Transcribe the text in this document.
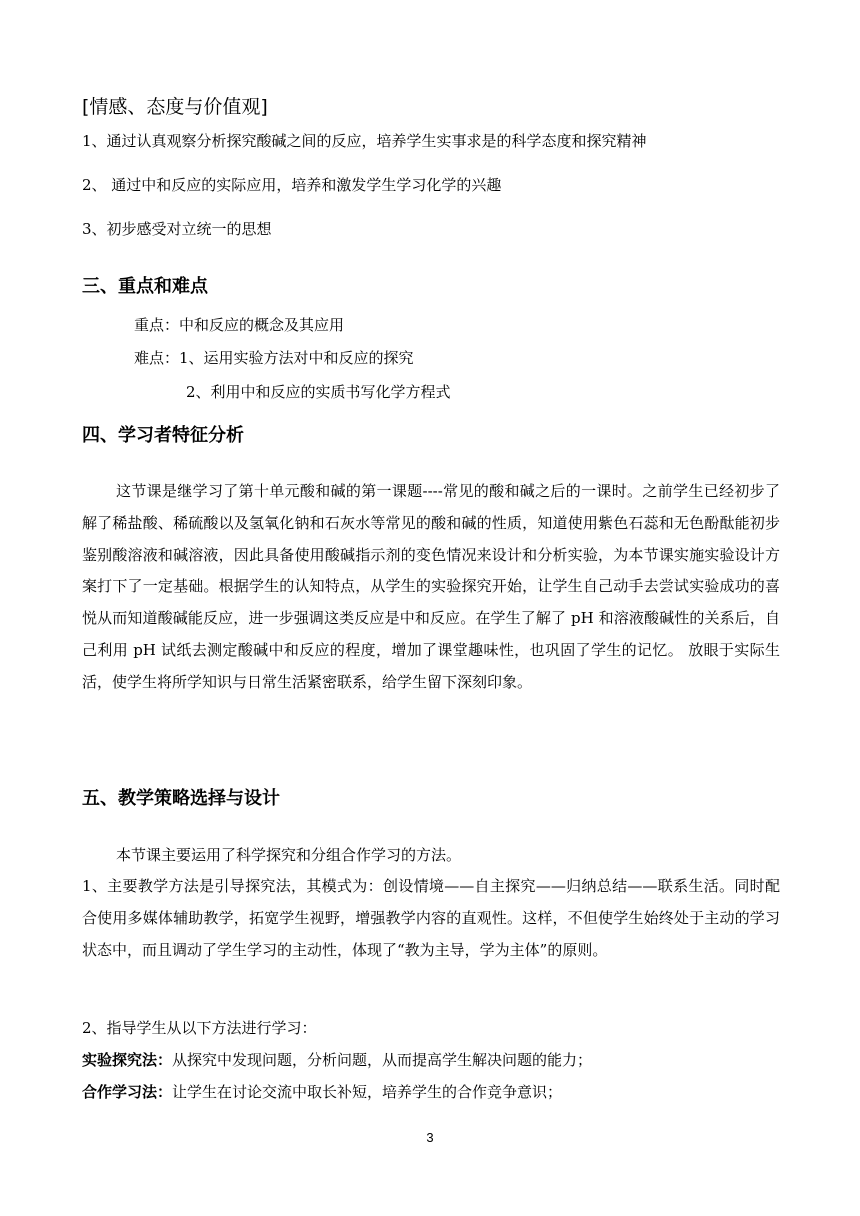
[情感、态度与价值观]
1、通过认真观察分析探究酸碱之间的反应，培养学生实事求是的科学态度和探究精神
2、 通过中和反应的实际应用，培养和激发学生学习化学的兴趣
3、初步感受对立统一的思想
三、重点和难点
重点：中和反应的概念及其应用
难点：1、运用实验方法对中和反应的探究
2、利用中和反应的实质书写化学方程式
四、学习者特征分析

这节课是继学习了第十单元酸和碱的第一课题----常见的酸和碱之后的一课时。之前学生已经初步了解了稀盐酸、稀硫酸以及氢氧化钠和石灰水等常见的酸和碱的性质，知道使用紫色石蕊和无色酚酞能初步鉴别酸溶液和碱溶液，因此具备使用酸碱指示剂的变色情况来设计和分析实验，为本节课实施实验设计方案打下了一定基础。根据学生的认知特点，从学生的实验探究开始，让学生自己动手去尝试实验成功的喜悦从而知道酸碱能反应，进一步强调这类反应是中和反应。在学生了解了 pH 和溶液酸碱性的关系后，自己利用 pH 试纸去测定酸碱中和反应的程度，增加了课堂趣味性，也巩固了学生的记忆。 放眼于实际生活，使学生将所学知识与日常生活紧密联系，给学生留下深刻印象。

五、教学策略选择与设计

本节课主要运用了科学探究和分组合作学习的方法。

1、主要教学方法是引导探究法，其模式为：创设情境——自主探究——归纳总结——联系生活。同时配合使用多媒体辅助教学，拓宽学生视野，增强教学内容的直观性。这样，不但使学生始终处于主动的学习状态中，而且调动了学生学习的主动性，体现了“教为主导，学为主体”的原则。

2、指导学生从以下方法进行学习：

实验探究法：从探究中发现问题，分析问题，从而提高学生解决问题的能力；

合作学习法：让学生在讨论交流中取长补短，培养学生的合作竞争意识；

3
